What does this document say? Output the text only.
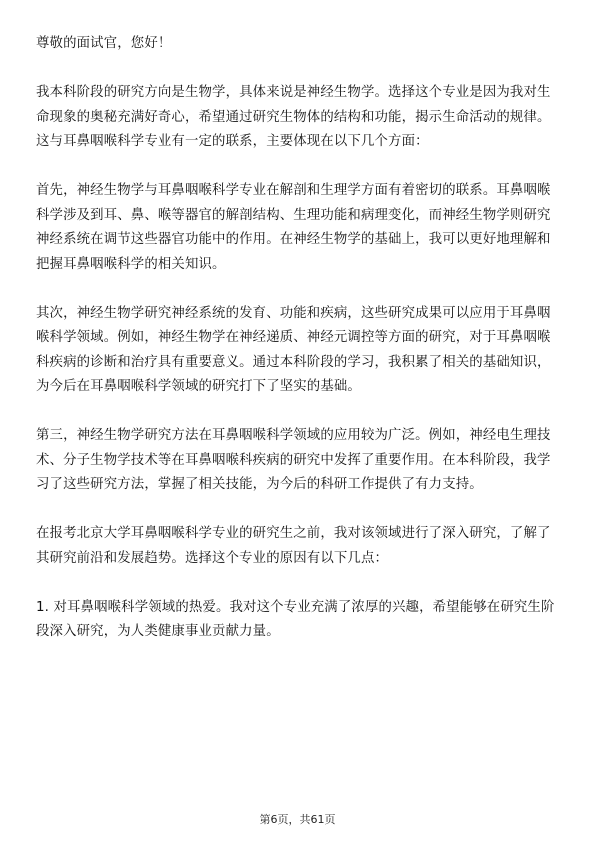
尊敬的面试官，您好！

我本科阶段的研究方向是生物学，具体来说是神经生物学。选择这个专业是因为我对生命现象的奥秘充满好奇心，希望通过研究生物体的结构和功能，揭示生命活动的规律。这与耳鼻咽喉科学专业有一定的联系，主要体现在以下几个方面：

首先，神经生物学与耳鼻咽喉科学专业在解剖和生理学方面有着密切的联系。耳鼻咽喉科学涉及到耳、鼻、喉等器官的解剖结构、生理功能和病理变化，而神经生物学则研究神经系统在调节这些器官功能中的作用。在神经生物学的基础上，我可以更好地理解和把握耳鼻咽喉科学的相关知识。

其次，神经生物学研究神经系统的发育、功能和疾病，这些研究成果可以应用于耳鼻咽喉科学领域。例如，神经生物学在神经递质、神经元调控等方面的研究，对于耳鼻咽喉科疾病的诊断和治疗具有重要意义。通过本科阶段的学习，我积累了相关的基础知识，为今后在耳鼻咽喉科学领域的研究打下了坚实的基础。

第三，神经生物学研究方法在耳鼻咽喉科学领域的应用较为广泛。例如，神经电生理技术、分子生物学技术等在耳鼻咽喉科疾病的研究中发挥了重要作用。在本科阶段，我学习了这些研究方法，掌握了相关技能，为今后的科研工作提供了有力支持。

在报考北京大学耳鼻咽喉科学专业的研究生之前，我对该领域进行了深入研究，了解了其研究前沿和发展趋势。选择这个专业的原因有以下几点：

1. 对耳鼻咽喉科学领域的热爱。我对这个专业充满了浓厚的兴趣，希望能够在研究生阶段深入研究，为人类健康事业贡献力量。

第6页，共61页
